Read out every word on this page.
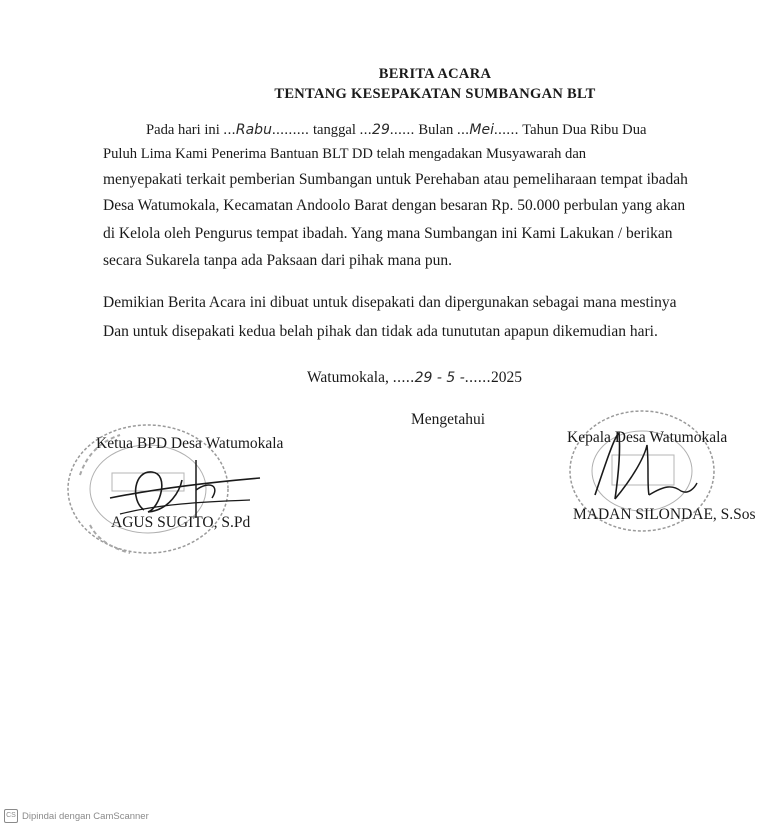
BERITA ACARA
TENTANG KESEPAKATAN SUMBANGAN BLT
Pada hari ini ...Rabu......... tanggal ...29...... Bulan ...Mei...... Tahun Dua Ribu Dua
Puluh Lima Kami Penerima Bantuan BLT DD telah mengadakan Musyawarah dan
menyepakati terkait pemberian Sumbangan untuk Perehaban atau pemeliharaan tempat ibadah
Desa Watumokala, Kecamatan Andoolo Barat dengan besaran Rp. 50.000 perbulan yang akan
di Kelola oleh Pengurus tempat ibadah. Yang mana Sumbangan ini Kami Lakukan / berikan
secara Sukarela tanpa ada Paksaan dari pihak mana pun.
Demikian Berita Acara ini dibuat untuk disepakati dan dipergunakan sebagai mana mestinya
Dan untuk disepakati kedua belah pihak dan tidak ada tunututan apapun dikemudian hari.
Watumokala, .....29 - 5 -......2025
Mengetahui
Ketua BPD Desa Watumokala
AGUS SUGITO, S.Pd
Kepala Desa Watumokala
MADAN SILONDAE, S.Sos
CS Dipindai dengan CamScanner
